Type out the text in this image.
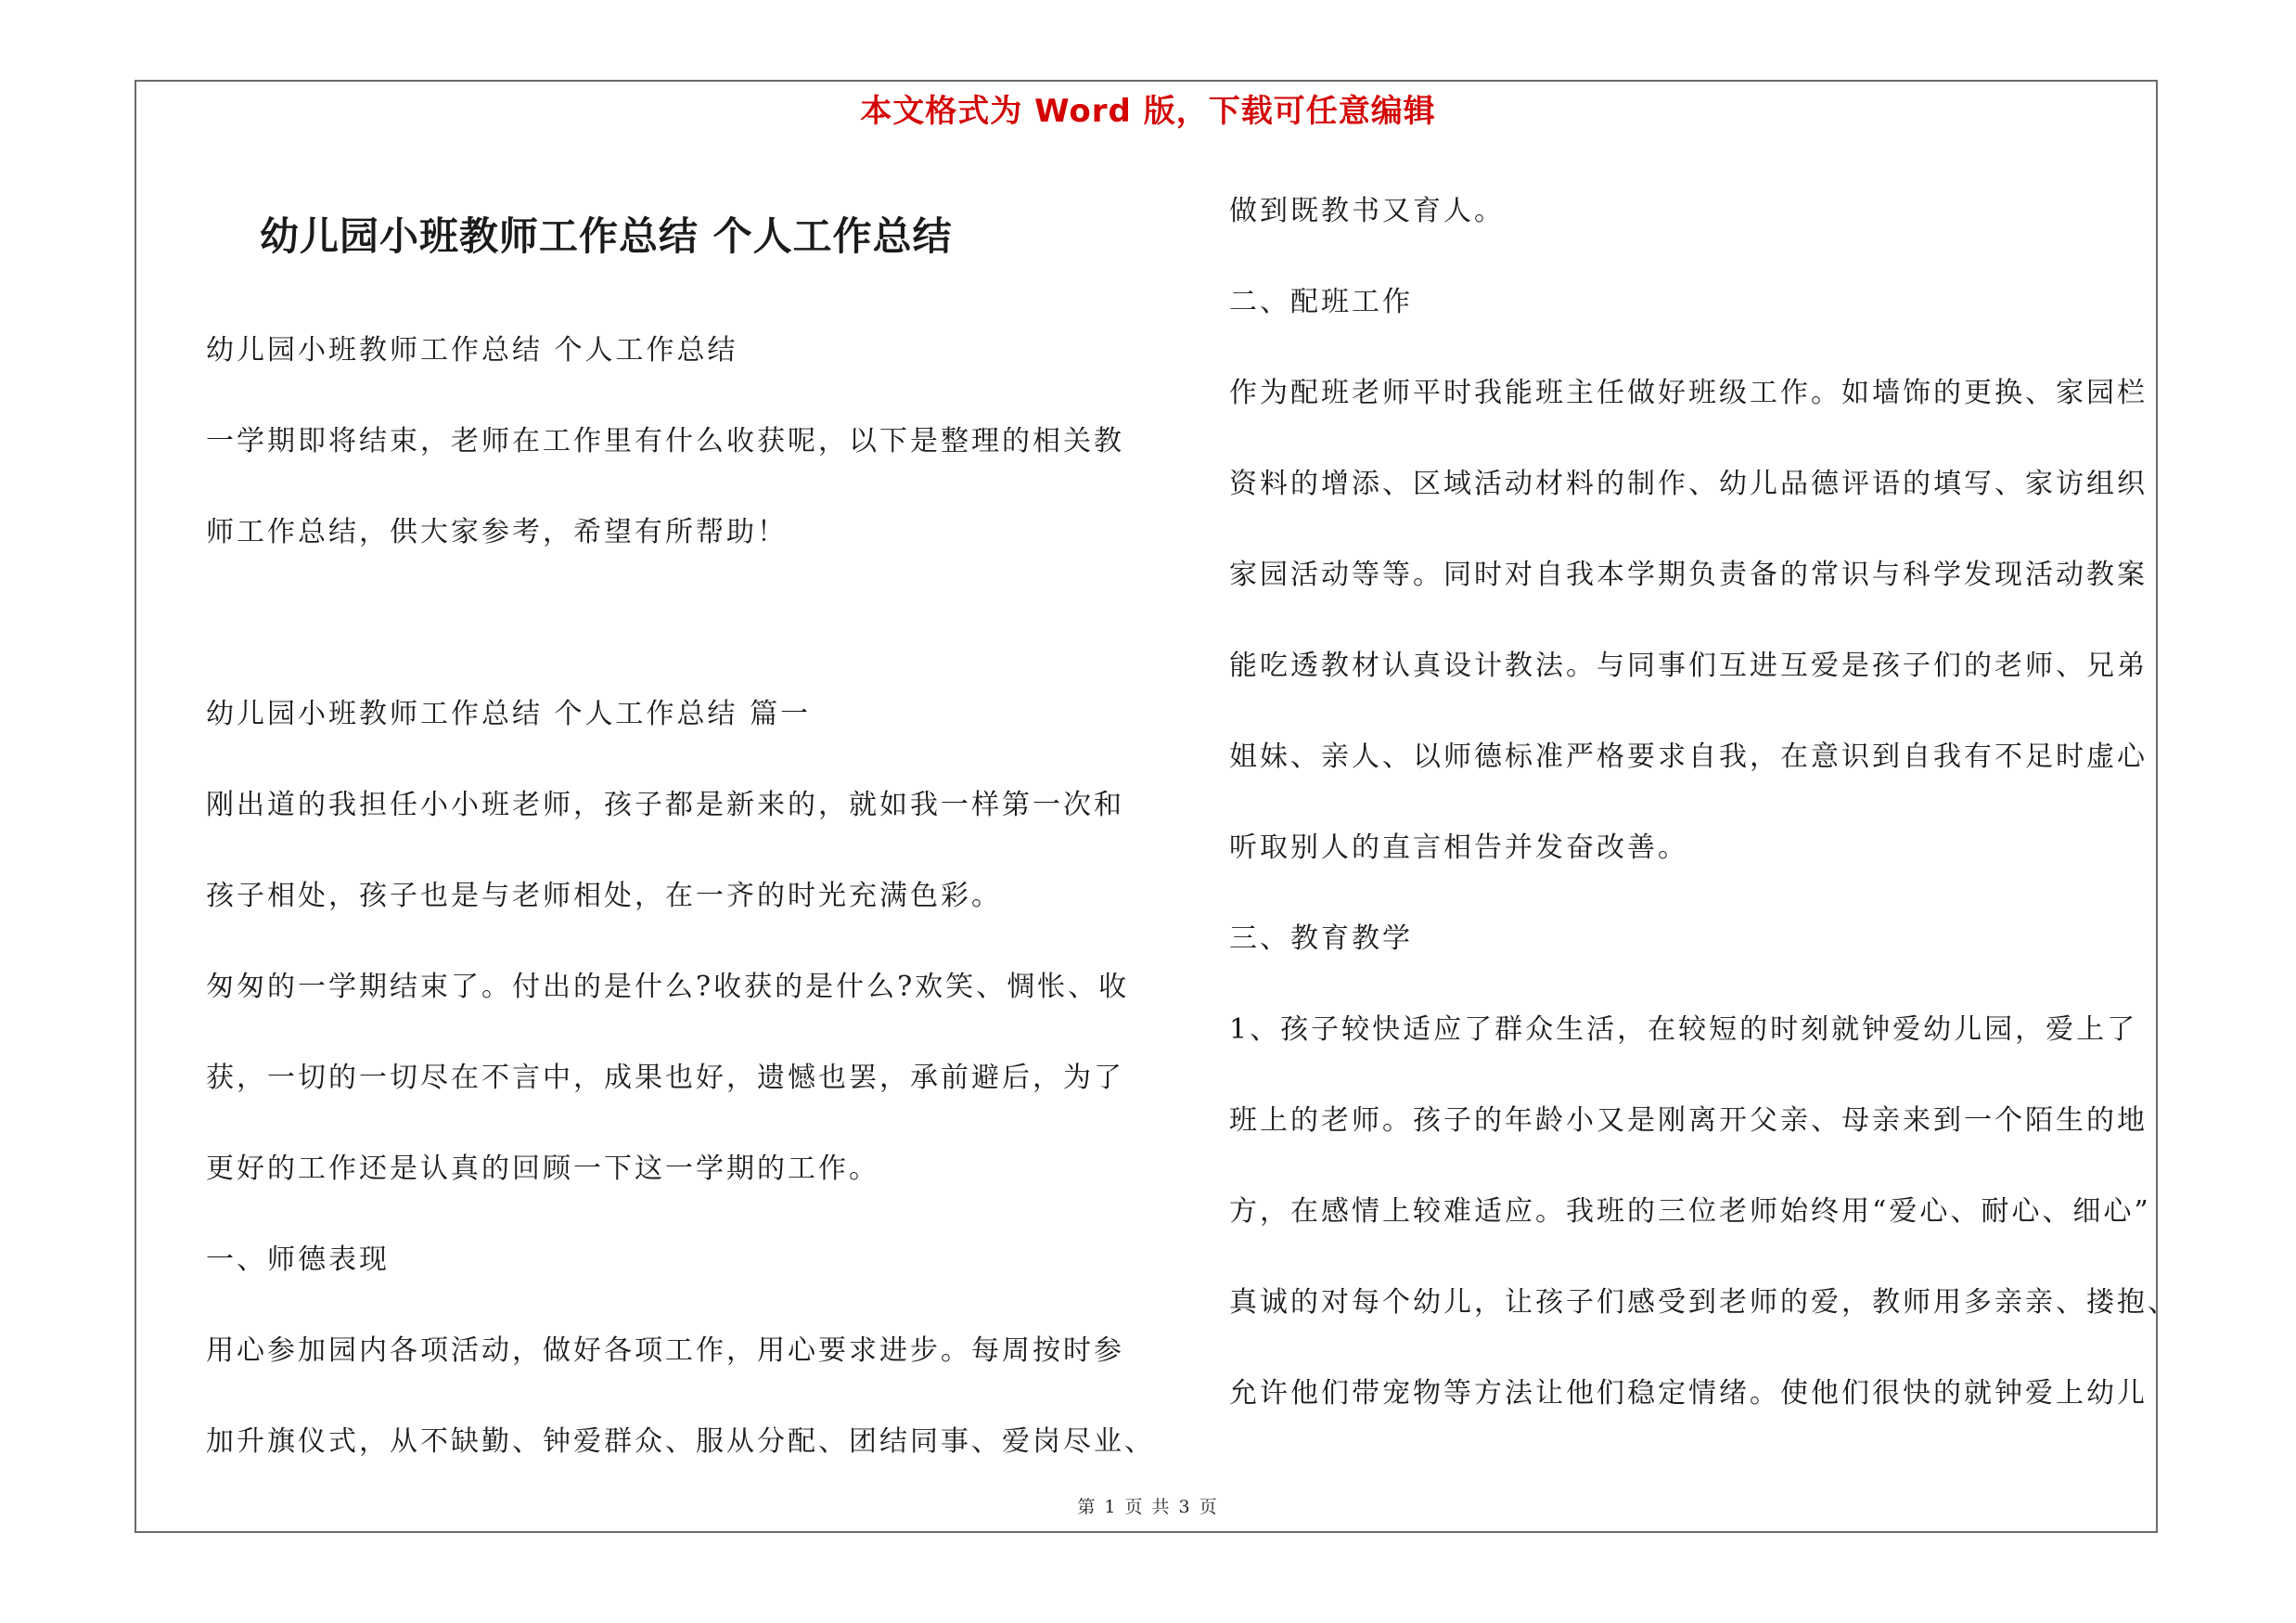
本文格式为 Word 版，下载可任意编辑
幼儿园小班教师工作总结 个人工作总结
幼儿园小班教师工作总结 个人工作总结
一学期即将结束，老师在工作里有什么收获呢，以下是整理的相关教
师工作总结，供大家参考，希望有所帮助！
幼儿园小班教师工作总结 个人工作总结 篇一
刚出道的我担任小小班老师，孩子都是新来的，就如我一样第一次和
孩子相处，孩子也是与老师相处，在一齐的时光充满色彩。
匆匆的一学期结束了。付出的是什么?收获的是什么?欢笑、惆怅、收
获，一切的一切尽在不言中，成果也好，遗憾也罢，承前避后，为了
更好的工作还是认真的回顾一下这一学期的工作。
一、师德表现
用心参加园内各项活动，做好各项工作，用心要求进步。每周按时参
加升旗仪式，从不缺勤、钟爱群众、服从分配、团结同事、爱岗尽业、
做到既教书又育人。
二、配班工作
作为配班老师平时我能班主任做好班级工作。如墙饰的更换、家园栏
资料的增添、区域活动材料的制作、幼儿品德评语的填写、家访组织
家园活动等等。同时对自我本学期负责备的常识与科学发现活动教案
能吃透教材认真设计教法。与同事们互进互爱是孩子们的老师、兄弟
姐妹、亲人、以师德标准严格要求自我，在意识到自我有不足时虚心
听取别人的直言相告并发奋改善。
三、教育教学
1、孩子较快适应了群众生活，在较短的时刻就钟爱幼儿园，爱上了
班上的老师。孩子的年龄小又是刚离开父亲、母亲来到一个陌生的地
方，在感情上较难适应。我班的三位老师始终用“爱心、耐心、细心”
真诚的对每个幼儿，让孩子们感受到老师的爱，教师用多亲亲、搂抱、
允许他们带宠物等方法让他们稳定情绪。使他们很快的就钟爱上幼儿
第 1 页 共 3 页
